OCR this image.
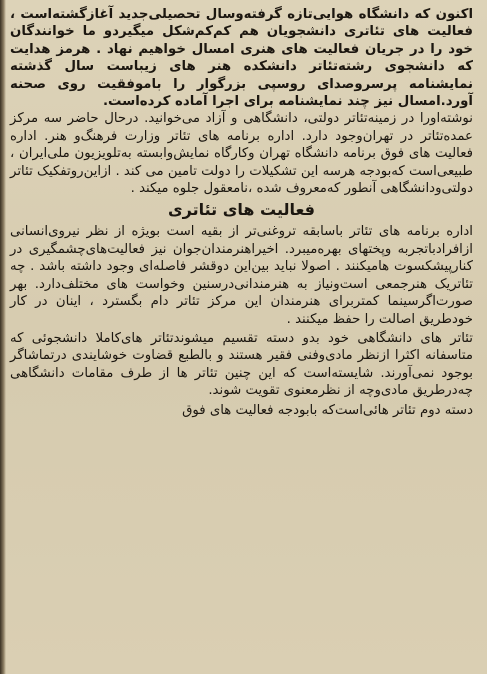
اکنون که دانشگاه هوایی‌تازه گرفته‌وسال تحصیلی‌جدید آغازگشته‌است ، فعالیت های تئاتری دانشجویان هم کم‌کم‌شکل میگیرد‌و ما خوانندگان خود را در جریان فعالیت های هنری امسال خواهیم نهاد . هرمز هدایت که دانشجوی رشته‌تئاتر دانشکده هنر های زیباست سال گذشته نمایشنامه پرسروصدای روسپی بزرگوار را باموفقیت روی صحنه آورد.امسال نیز چند نمایشنامه برای اجرا آماده کرده‌است.

نوشته‌اورا در زمینه‌تئاتر دولتی، دانشگاهی و آزاد می‌خوانید. درحال حاضر سه مرکز عمده‌تئاتر در تهران‌وجود دارد. اداره برنامه های تئاتر وزارت فرهنگ‌و هنر. اداره فعالیت های فوق برنامه دانشگاه تهران وکارگاه نمایش‌وابسته به‌تلویزیون ملی‌ایران ، طبیعی‌است که‌بودجه هرسه این تشکیلات را دولت تامین می کند . ازاین‌رو‌تفکیک تئاتر دولتی‌ودانشگاهی آنطور که‌معروف شده ،نامعقول جلوه میکند .

فعالیت های تئاتری

اداره برنامه های تئاتر باسابقه ترو‌غنی‌تر از بقیه است بویژه از نظر نیروی‌انسانی ازافرادباتجربه وپختهای بهره‌میبرد. اخیراهنرمندان‌جوان نیز فعالیت‌های‌چشمگیری در کنارپیشکسوت هامیکنند . اصولا نباید بین‌این دوقشر فاصله‌ای وجود داشته باشد . چه تئاتریک هنرجمعی است‌ونیاز به هنرمندانی‌درسنین وخواست های مختلف‌دارد. بهر صورت‌اگرسینما کمتربرای هنرمندان این مرکز تئاتر دام بگسترد ، اینان در کار خودطریق اصالت را حفظ میکنند .

تئاتر های دانشگاهی خود بدو دسته تقسیم میشوند‌تئاتر های‌کاملا دانشجوئی که متاسفانه اکثرا ازنظر مادی‌وفنی فقیر هستند و بالطبع قضاوت خوشایندی در‌تماشاگر بوجود نمی‌آورند. شایسته‌است که این چنین تئاتر ها از طرف مقامات دانشگاهی چه‌درطریق مادی‌وچه از نظر‌معنوی تقویت شوند.

دسته دوم تئاتر هائی‌است‌که بابودجه فعالیت های فوق
